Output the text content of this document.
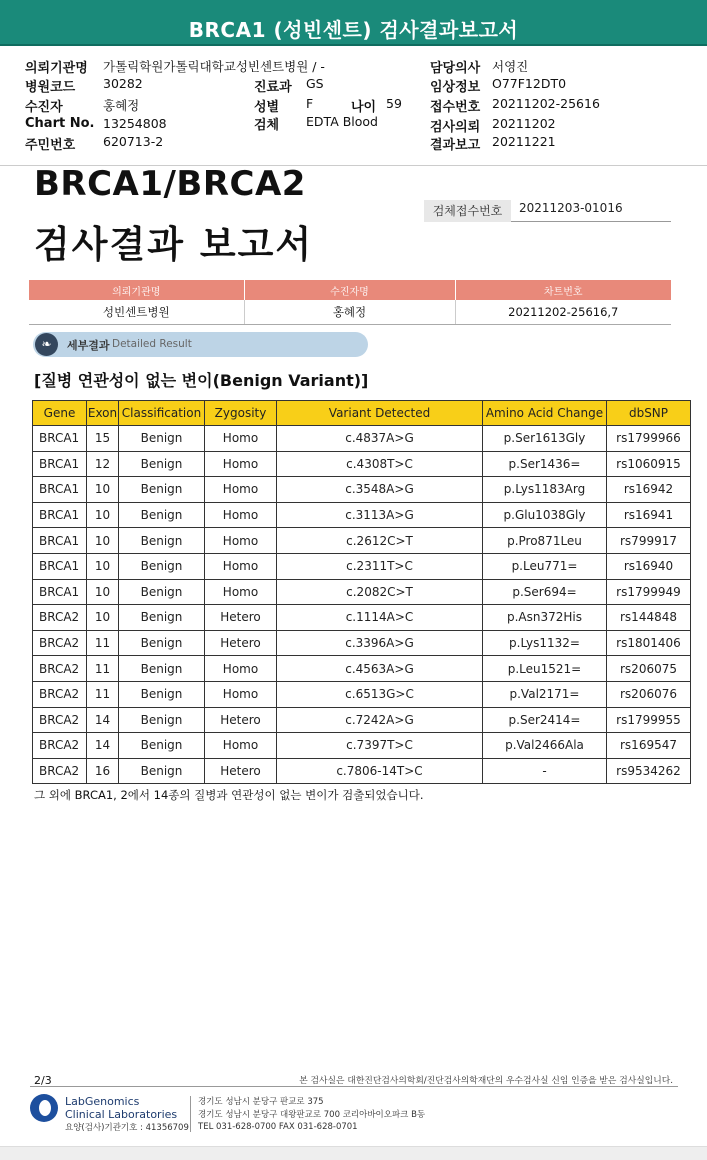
BRCA1 (성빈센트) 검사결과보고서
의뢰기관명 가톨릭학원가톨릭대학교성빈센트병원 / -
병원코드 30282
수진자	홍혜정
Chart No. 13254808
주민번호 620713-2
진료과 GS
성별 F	나이 59
검체 EDTA Blood
담당의사 서영진
임상정보 O77F12DT0
접수번호 20211202-25616
검사의뢰 20211202
결과보고 20211221
BRCA1/BRCA2
검사결과 보고서
검체접수번호	20211203-01016
의뢰기관명	수진자명	차트번호
성빈센트병원	홍혜정	20211202-25616,7
❧	세부결과 Detailed Result
[질병 연관성이 없는 변이(Benign Variant)]
Gene	Exon	Classification	Zygosity	Variant Detected	Amino Acid Change	dbSNP
BRCA1	15	Benign	Homo	c.4837A>G	p.Ser1613Gly	rs1799966
BRCA1	12	Benign	Homo	c.4308T>C	p.Ser1436=	rs1060915
BRCA1	10	Benign	Homo	c.3548A>G	p.Lys1183Arg	rs16942
BRCA1	10	Benign	Homo	c.3113A>G	p.Glu1038Gly	rs16941
BRCA1	10	Benign	Homo	c.2612C>T	p.Pro871Leu	rs799917
BRCA1	10	Benign	Homo	c.2311T>C	p.Leu771=	rs16940
BRCA1	10	Benign	Homo	c.2082C>T	p.Ser694=	rs1799949
BRCA2	10	Benign	Hetero	c.1114A>C	p.Asn372His	rs144848
BRCA2	11	Benign	Hetero	c.3396A>G	p.Lys1132=	rs1801406
BRCA2	11	Benign	Homo	c.4563A>G	p.Leu1521=	rs206075
BRCA2	11	Benign	Homo	c.6513G>C	p.Val2171=	rs206076
BRCA2	14	Benign	Hetero	c.7242A>G	p.Ser2414=	rs1799955
BRCA2	14	Benign	Homo	c.7397T>C	p.Val2466Ala	rs169547
BRCA2	16	Benign	Hetero	c.7806-14T>C	-	rs9534262
그 외에 BRCA1, 2에서 14종의 질병과 연관성이 없는 변이가 검출되었습니다.
2/3	본 검사실은 대한진단검사의학회/진단검사의학재단의 우수검사실 신임 인증을 받은 검사실입니다.
LabGenomics
Clinical Laboratories
요양(검사)기관기호 : 41356709
경기도 성남시 분당구 판교로 375
경기도 성남시 분당구 대왕판교로 700 코리아바이오파크 B동
TEL 031-628-0700 FAX 031-628-0701
